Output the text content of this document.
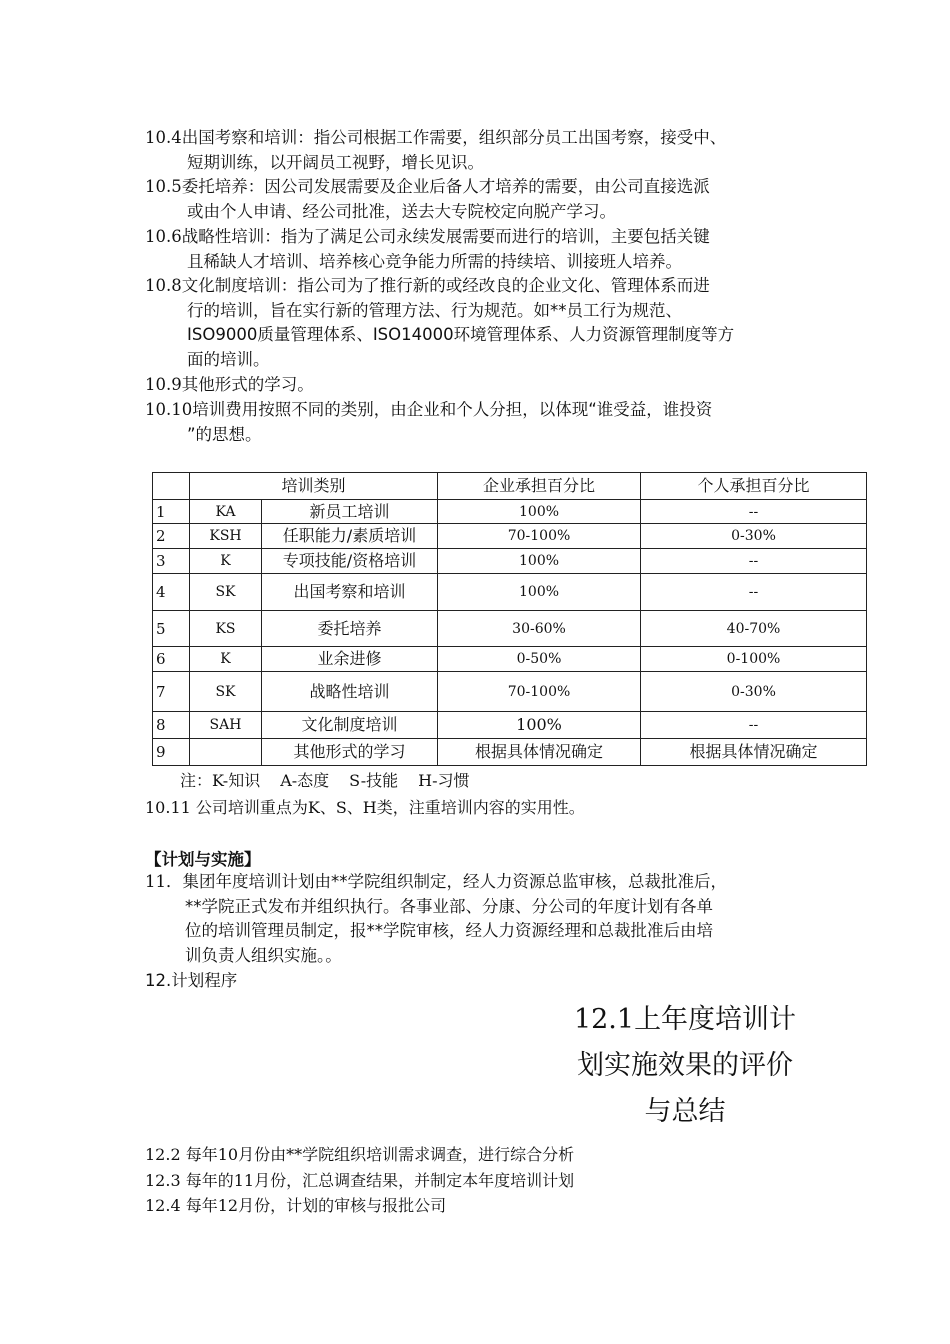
10.4出国考察和培训：指公司根据工作需要，组织部分员工出国考察，接受中、
短期训练，以开阔员工视野，增长见识。
10.5委托培养：因公司发展需要及企业后备人才培养的需要，由公司直接选派
或由个人申请、经公司批准，送去大专院校定向脱产学习。
10.6战略性培训：指为了满足公司永续发展需要而进行的培训，主要包括关键
且稀缺人才培训、培养核心竞争能力所需的持续培、训接班人培养。
10.8文化制度培训：指公司为了推行新的或经改良的企业文化、管理体系而进
行的培训，旨在实行新的管理方法、行为规范。如**员工行为规范、
ISO9000质量管理体系、ISO14000环境管理体系、人力资源管理制度等方
面的培训。
10.9其他形式的学习。
10.10培训费用按照不同的类别，由企业和个人分担，以体现“谁受益，谁投资
”的思想。
	培训类别		企业承担百分比	个人承担百分比
1	KA	新员工培训	100%	--
2	KSH	任职能力/素质培训	70-100%	0-30%
3	K	专项技能/资格培训	100%	--
4	SK	出国考察和培训	100%	--
5	KS	委托培养	30-60%	40-70%
6	K	业余进修	0-50%	0-100%
7	SK	战略性培训	70-100%	0-30%
8	SAH	文化制度培训	100%	--
9		其他形式的学习	根据具体情况确定	根据具体情况确定
注：K-知识 A-态度 S-技能 H-习惯
10.11 公司培训重点为K、S、H类，注重培训内容的实用性。
【计划与实施】
11．集团年度培训计划由**学院组织制定，经人力资源总监审核，总裁批准后，
**学院正式发布并组织执行。各事业部、分康、分公司的年度计划有各单
位的培训管理员制定，报**学院审核，经人力资源经理和总裁批准后由培
训负责人组织实施。。
12.计划程序
12.1上年度培训计
划实施效果的评价
与总结
12.2 每年10月份由**学院组织培训需求调查，进行综合分析
12.3 每年的11月份，汇总调查结果，并制定本年度培训计划
12.4 每年12月份，计划的审核与报批公司
